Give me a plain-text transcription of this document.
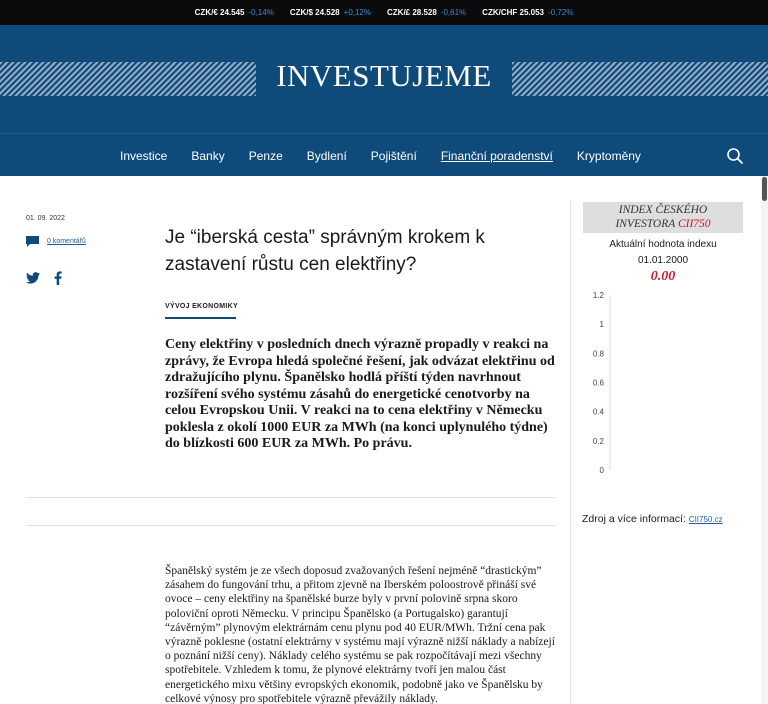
CZK/€ 24.545 -0,14% CZK/$ 24.528 +0,12% CZK/£ 28.528 -0,61% CZK/CHF 25.053 -0,72%
INVESTUJEME
Investice Banky Penze Bydlení Pojištění Finanční poradenství Kryptoměny
01. 09. 2022
0 komentářů	Je “iberská cesta” správným krokem k zastavení růstu cen elektřiny?
VÝVOJ EKONOMIKY

Ceny elektřiny v posledních dnech výrazně propadly v reakci na zprávy, že Evropa hledá společné řešení, jak odvázat elektřinu od zdražujícího plynu. Španělsko hodlá příští týden navrhnout rozšíření svého systému zásahů do energetické cenotvorby na celou Evropskou Unii. V reakci na to cena elektřiny v Německu poklesla z okolí 1000 EUR za MWh (na konci uplynulého týdne) do blízkosti 600 EUR za MWh. Po právu.

Španělský systém je ze všech doposud zvažovaných řešení nejméně “drastickým” zásahem do fungování trhu, a přitom zjevně na Iberském poloostrově přináší své ovoce – ceny elektřiny na španělské burze byly v první polovině srpna skoro poloviční oproti Německu. V principu Španělsko (a Portugalsko) garantují “závěrným” plynovým elektrárnám cenu plynu pod 40 EUR/MWh. Tržní cena pak výrazně poklesne (ostatní elektrárny v systému mají výrazně nižší náklady a nabízejí o poznání nižší ceny). Náklady celého systému se pak rozpočítávají mezi všechny spotřebitele. Vzhledem k tomu, že plynové elektrárny tvoří jen malou část energetického mixu většiny evropských ekonomik, podobně jako ve Španělsku by celkové výnosy pro spotřebitele výrazně převážily náklady.

INDEX ČESKÉHO
INVESTORA CII750
Aktuální hodnota indexu
01.01.2000
0.00
1.2
1
0.8
0.6
0.4
0.2
0
Zdroj a více informací: CII750.cz
